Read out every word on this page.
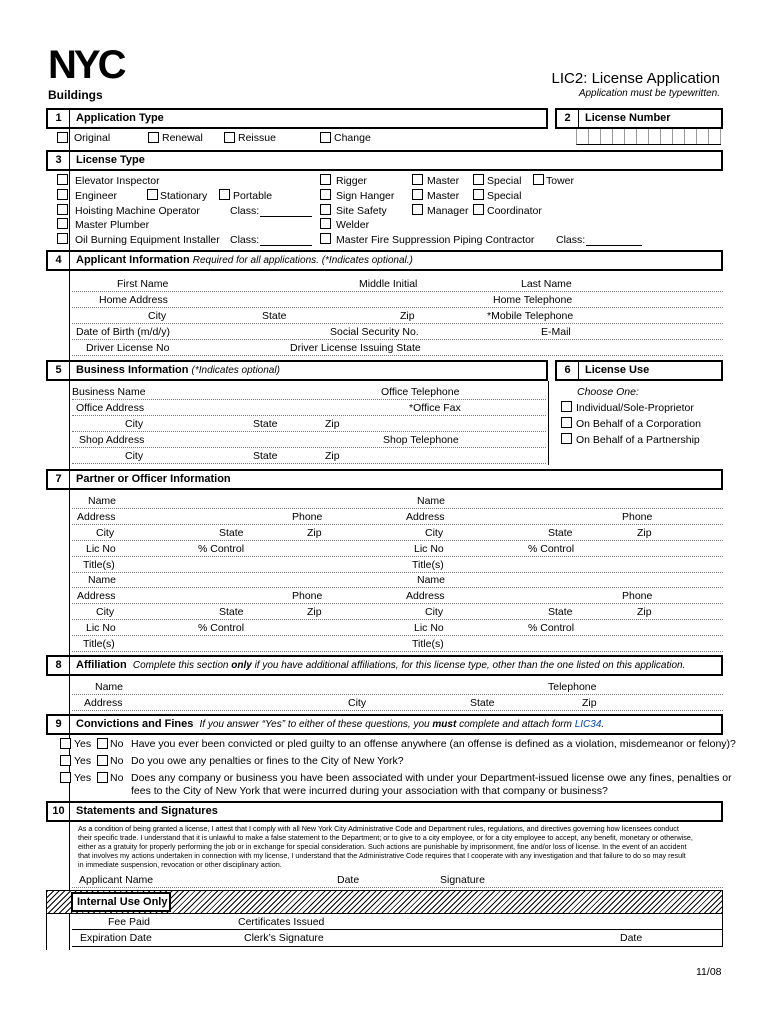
NYC
Buildings
LIC2: License Application
Application must be typewritten.
1	Application Type
Original	Renewal	Reissue	Change
2	License Number
3	License Type
Elevator Inspector
Engineer	Stationary Portable
Hoisting Machine Operator	Class:
Master Plumber
Oil Burning Equipment Installer Class:
Rigger	Master	Special Tower
Sign Hanger	Master	Special
Site Safety	Manager Coordinator
Welder
Master Fire Suppression Piping Contractor Class:
4	Applicant Information Required for all applications. (*Indicates optional.)
First Name	Middle Initial	Last Name
Home Address	Home Telephone
City	State	Zip	*Mobile Telephone
Date of Birth (m/d/y)	Social Security No.	E-Mail
Driver License No	Driver License Issuing State
5	Business Information (*Indicates optional)
Business Name	Office Telephone
Office Address	*Office Fax
City	State	Zip
Shop Address	Shop Telephone
City	State	Zip
6	License Use
Choose One:
Individual/Sole-Proprietor
On Behalf of a Corporation
On Behalf of a Partnership
7	Partner or Officer Information
Name	Name
Address	Phone	Address	Phone
City	State	Zip	City	State	Zip
Lic No	% Control	Lic No	% Control
Title(s)	Title(s)
Name	Name
Address	Phone	Address	Phone
City	State	Zip	City	State	Zip
Lic No	% Control	Lic No	% Control
Title(s)	Title(s)
8	Affiliation Complete this section only if you have additional affiliations, for this license type, other than the one listed on this application.
Name	Telephone
Address	City	State	Zip
9	Convictions and Fines If you answer “Yes” to either of these questions, you must complete and attach form LIC34.
Yes No Have you ever been convicted or pled guilty to an offense anywhere (an offense is defined as a violation, misdemeanor or felony)?
Yes No Do you owe any penalties or fines to the City of New York?
Yes No Does any company or business you have been associated with under your Department-issued license owe any fines, penalties or
fees to the City of New York that were incurred during your association with that company or business?
10	Statements and Signatures
As a condition of being granted a license, I attest that I comply with all New York City Administrative Code and Department rules, regulations, and directives governing how licensees conduct
their specific trade. I understand that it is unlawful to make a false statement to the Department; or to give to a city employee, or for a city employee to accept, any benefit, monetary or otherwise,
either as a gratuity for properly performing the job or in exchange for special consideration. Such actions are punishable by imprisonment, fine and/or loss of license. In the event of an accident
that involves my actions undertaken in connection with my license, I understand that the Administrative Code requires that I cooperate with any investigation and that failure to do so may result
in immediate suspension, revocation or other disciplinary action.
Applicant Name	Date	Signature
Internal Use Only
Fee Paid	Certificates Issued
Expiration Date	Clerk’s Signature	Date
11/08
